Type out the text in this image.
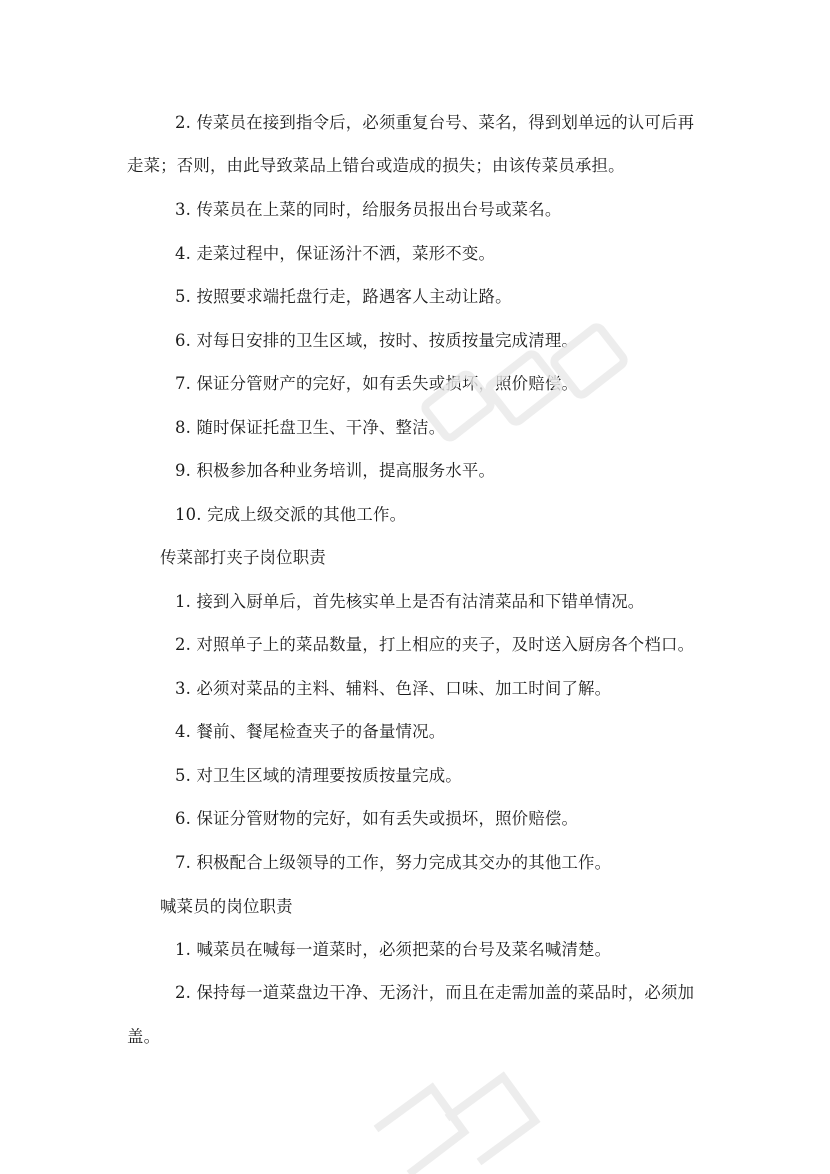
2. 传菜员在接到指令后，必须重复台号、菜名，得到划单远的认可后再
走菜；否则，由此导致菜品上错台或造成的损失；由该传菜员承担。
3. 传菜员在上菜的同时，给服务员报出台号或菜名。
4. 走菜过程中，保证汤汁不洒，菜形不变。
5. 按照要求端托盘行走，路遇客人主动让路。
6. 对每日安排的卫生区域，按时、按质按量完成清理。
7. 保证分管财产的完好，如有丢失或损坏，照价赔偿。
8. 随时保证托盘卫生、干净、整洁。
9. 积极参加各种业务培训，提高服务水平。
10. 完成上级交派的其他工作。
传菜部打夹子岗位职责
1. 接到入厨单后，首先核实单上是否有沽清菜品和下错单情况。
2. 对照单子上的菜品数量，打上相应的夹子，及时送入厨房各个档口。
3. 必须对菜品的主料、辅料、色泽、口味、加工时间了解。
4. 餐前、餐尾检查夹子的备量情况。
5. 对卫生区域的清理要按质按量完成。
6. 保证分管财物的完好，如有丢失或损坏，照价赔偿。
7. 积极配合上级领导的工作，努力完成其交办的其他工作。
喊菜员的岗位职责
1. 喊菜员在喊每一道菜时，必须把菜的台号及菜名喊清楚。
2. 保持每一道菜盘边干净、无汤汁，而且在走需加盖的菜品时，必须加
盖。
